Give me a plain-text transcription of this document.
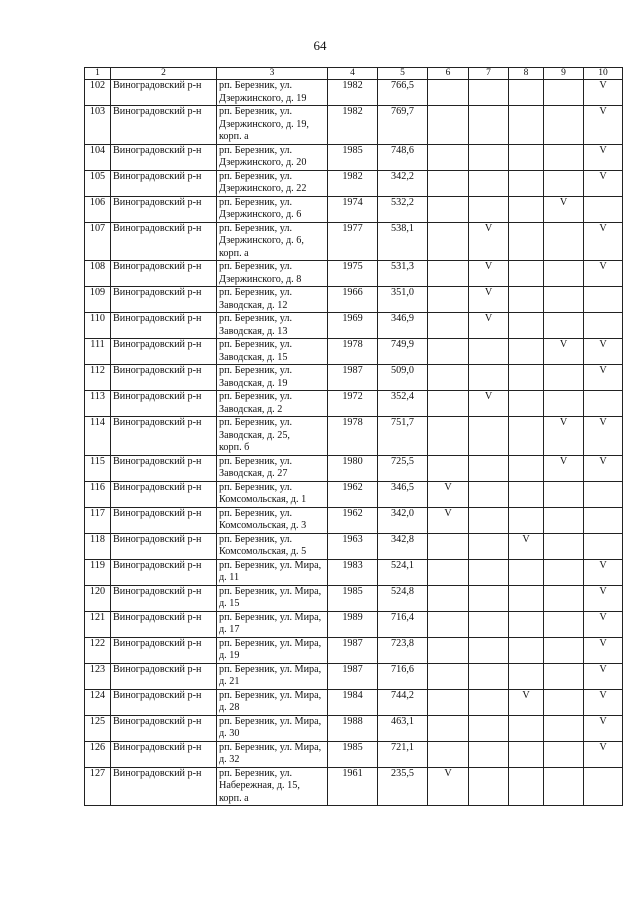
64
1	2	3	4	5	6	7	8	9	10
102	Виноградовский р-н	рп. Березник, ул.
Дзержинского, д. 19	1982	766,5					V
103	Виноградовский р-н	рп. Березник, ул.
Дзержинского, д. 19,
корп. а	1982	769,7					V
104	Виноградовский р-н	рп. Березник, ул.
Дзержинского, д. 20	1985	748,6					V
105	Виноградовский р-н	рп. Березник, ул.
Дзержинского, д. 22	1982	342,2					V
106	Виноградовский р-н	рп. Березник, ул.
Дзержинского, д. 6	1974	532,2				V	
107	Виноградовский р-н	рп. Березник, ул.
Дзержинского, д. 6,
корп. а	1977	538,1		V			V
108	Виноградовский р-н	рп. Березник, ул.
Дзержинского, д. 8	1975	531,3		V			V
109	Виноградовский р-н	рп. Березник, ул.
Заводская, д. 12	1966	351,0		V			
110	Виноградовский р-н	рп. Березник, ул.
Заводская, д. 13	1969	346,9		V			
111	Виноградовский р-н	рп. Березник, ул.
Заводская, д. 15	1978	749,9				V	V
112	Виноградовский р-н	рп. Березник, ул.
Заводская, д. 19	1987	509,0					V
113	Виноградовский р-н	рп. Березник, ул.
Заводская, д. 2	1972	352,4		V			
114	Виноградовский р-н	рп. Березник, ул.
Заводская, д. 25,
корп. б	1978	751,7				V	V
115	Виноградовский р-н	рп. Березник, ул.
Заводская, д. 27	1980	725,5				V	V
116	Виноградовский р-н	рп. Березник, ул.
Комсомольская, д. 1	1962	346,5	V				
117	Виноградовский р-н	рп. Березник, ул.
Комсомольская, д. 3	1962	342,0	V				
118	Виноградовский р-н	рп. Березник, ул.
Комсомольская, д. 5	1963	342,8			V		
119	Виноградовский р-н	рп. Березник, ул. Мира,
д. 11	1983	524,1					V
120	Виноградовский р-н	рп. Березник, ул. Мира,
д. 15	1985	524,8					V
121	Виноградовский р-н	рп. Березник, ул. Мира,
д. 17	1989	716,4					V
122	Виноградовский р-н	рп. Березник, ул. Мира,
д. 19	1987	723,8					V
123	Виноградовский р-н	рп. Березник, ул. Мира,
д. 21	1987	716,6					V
124	Виноградовский р-н	рп. Березник, ул. Мира,
д. 28	1984	744,2			V		V
125	Виноградовский р-н	рп. Березник, ул. Мира,
д. 30	1988	463,1					V
126	Виноградовский р-н	рп. Березник, ул. Мира,
д. 32	1985	721,1					V
127	Виноградовский р-н	рп. Березник, ул.
Набережная, д. 15, корп. а	1961	235,5	V				
